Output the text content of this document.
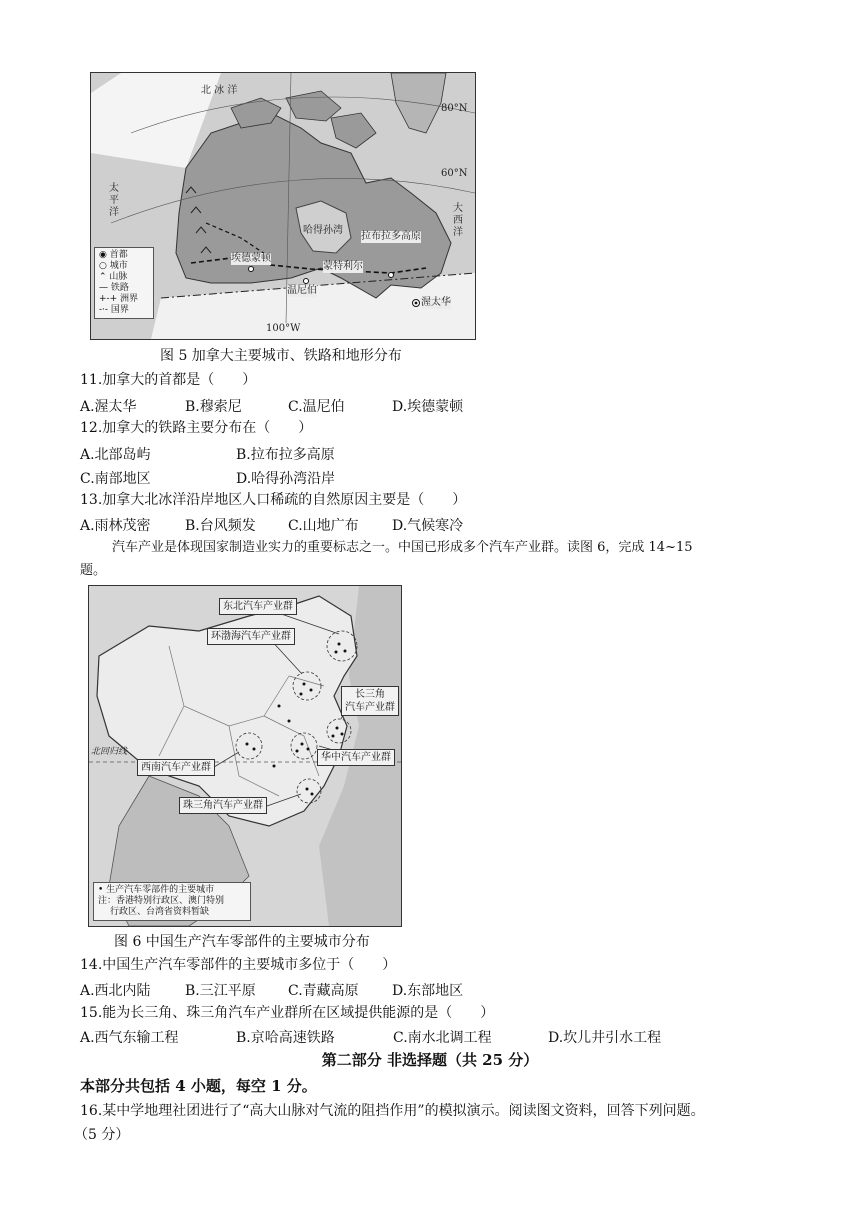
北 冰 洋
太 平 洋	大 西 洋
80°N
60°N
100°W
哈得孙湾
拉布拉多高原
埃德蒙顿
温尼伯
蒙特利尔
渥太华
◉ 首都
○ 城市
⌃ 山脉
— 铁路
+-+ 洲界
-·- 国界
图 5 加拿大主要城市、铁路和地形分布
11.加拿大的首都是（　　）
A.渥太华	B.穆索尼	C.温尼伯	D.埃德蒙顿
12.加拿大的铁路主要分布在（　　）
A.北部岛屿	B.拉布拉多高原
C.南部地区	D.哈得孙湾沿岸
13.加拿大北冰洋沿岸地区人口稀疏的自然原因主要是（　　）
A.雨林茂密 B.台风频发 C.山地广布 D.气候寒冷
汽车产业是体现国家制造业实力的重要标志之一。中国已形成多个汽车产业群。读图 6，完成 14~15
题。
东北汽车产业群
环渤海汽车产业群
长三角
汽车产业群
华中汽车产业群
西南汽车产业群
珠三角汽车产业群
北回归线
• 生产汽车零部件的主要城市
注：香港特别行政区、澳门特别
行政区、台湾省资料暂缺
图 6 中国生产汽车零部件的主要城市分布
14.中国生产汽车零部件的主要城市多位于（　　）
A.西北内陆 B.三江平原 C.青藏高原 D.东部地区
15.能为长三角、珠三角汽车产业群所在区域提供能源的是（　　）
A.西气东输工程	B.京哈高速铁路	C.南水北调工程	D.坎儿井引水工程
第二部分 非选择题（共 25 分）
本部分共包括 4 小题，每空 1 分。
16.某中学地理社团进行了“高大山脉对气流的阻挡作用”的模拟演示。阅读图文资料，回答下列问题。
（5 分）
